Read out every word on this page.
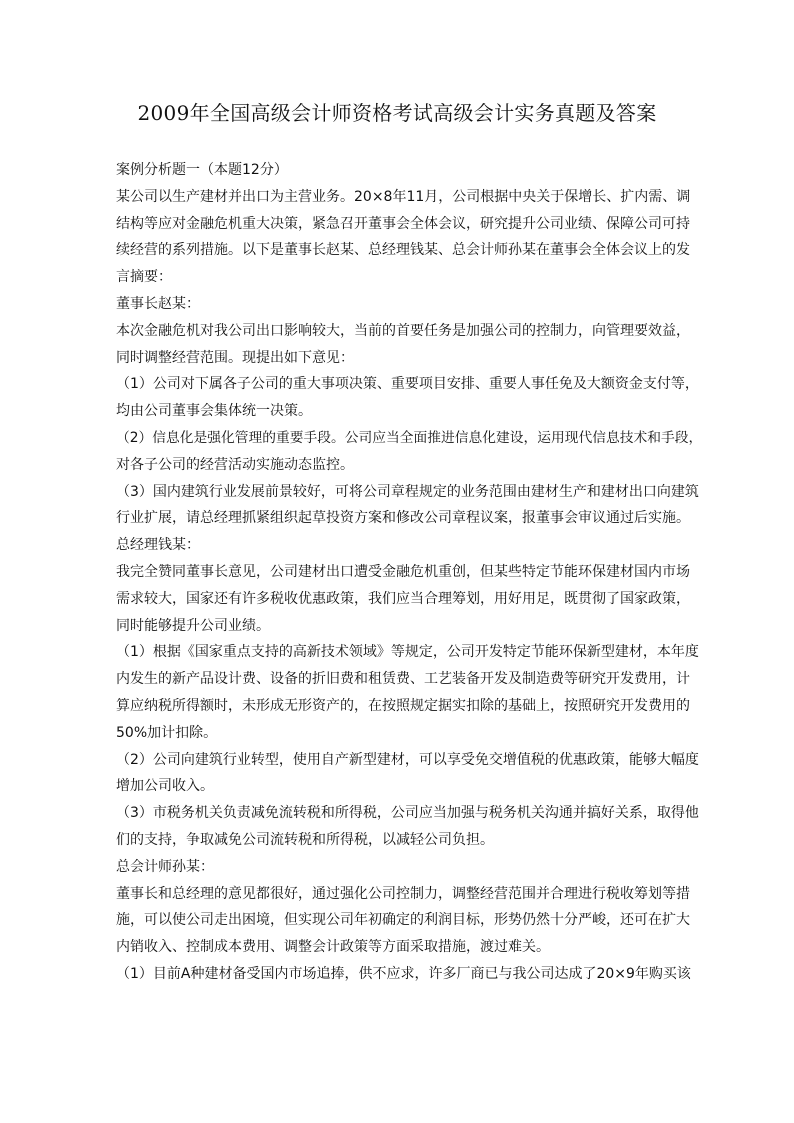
2009年全国高级会计师资格考试高级会计实务真题及答案
案例分析题一（本题12分）
某公司以生产建材并出口为主营业务。20×8年11月，公司根据中央关于保增长、扩内需、调
结构等应对金融危机重大决策，紧急召开董事会全体会议，研究提升公司业绩、保障公司可持
续经营的系列措施。以下是董事长赵某、总经理钱某、总会计师孙某在董事会全体会议上的发
言摘要：
董事长赵某：
本次金融危机对我公司出口影响较大，当前的首要任务是加强公司的控制力，向管理要效益，
同时调整经营范围。现提出如下意见：
（1）公司对下属各子公司的重大事项决策、重要项目安排、重要人事任免及大额资金支付等，
均由公司董事会集体统一决策。
（2）信息化是强化管理的重要手段。公司应当全面推进信息化建设，运用现代信息技术和手段，
对各子公司的经营活动实施动态监控。
（3）国内建筑行业发展前景较好，可将公司章程规定的业务范围由建材生产和建材出口向建筑
行业扩展，请总经理抓紧组织起草投资方案和修改公司章程议案，报董事会审议通过后实施。
总经理钱某：
我完全赞同董事长意见，公司建材出口遭受金融危机重创，但某些特定节能环保建材国内市场
需求较大，国家还有许多税收优惠政策，我们应当合理筹划，用好用足，既贯彻了国家政策，
同时能够提升公司业绩。
（1）根据《国家重点支持的高新技术领域》等规定，公司开发特定节能环保新型建材，本年度
内发生的新产品设计费、设备的折旧费和租赁费、工艺装备开发及制造费等研究开发费用，计
算应纳税所得额时，未形成无形资产的，在按照规定据实扣除的基础上，按照研究开发费用的
50%加计扣除。
（2）公司向建筑行业转型，使用自产新型建材，可以享受免交增值税的优惠政策，能够大幅度
增加公司收入。
（3）市税务机关负责减免流转税和所得税，公司应当加强与税务机关沟通并搞好关系，取得他
们的支持，争取减免公司流转税和所得税，以减轻公司负担。
总会计师孙某：
董事长和总经理的意见都很好，通过强化公司控制力，调整经营范围并合理进行税收筹划等措
施，可以使公司走出困境，但实现公司年初确定的利润目标，形势仍然十分严峻，还可在扩大
内销收入、控制成本费用、调整会计政策等方面采取措施，渡过难关。
（1）目前A种建材备受国内市场追捧，供不应求，许多厂商已与我公司达成了20×9年购买该
